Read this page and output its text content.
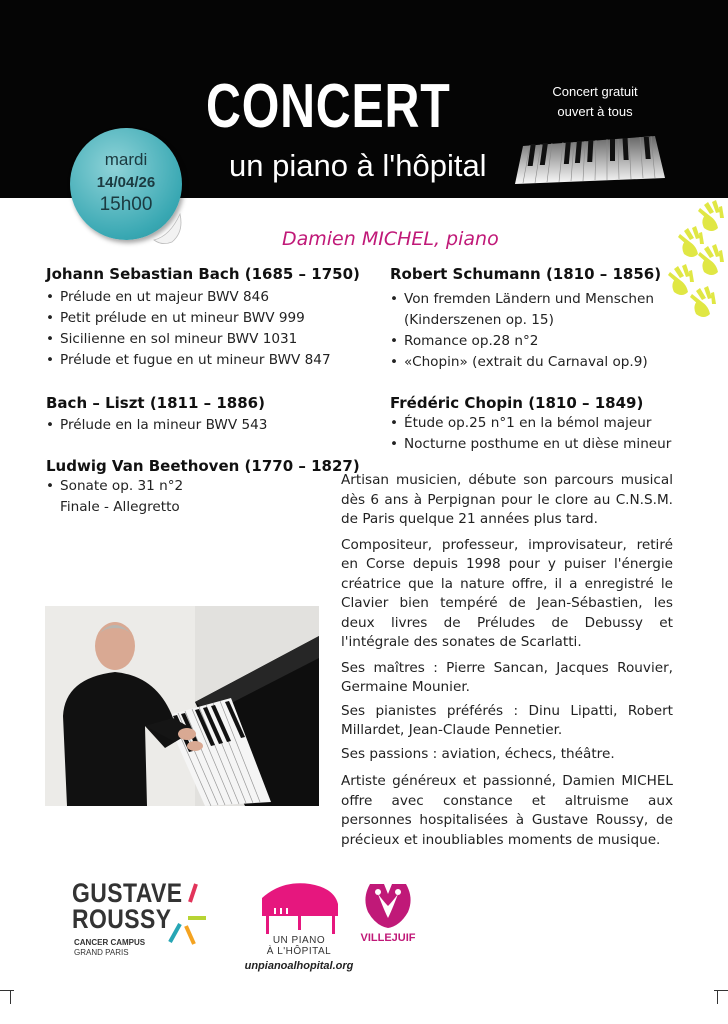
CONCERT
un piano à l'hôpital
Concert gratuit
ouvert à tous
mardi
14/04/26
15h00
Damien MICHEL, piano
Johann Sebastian Bach (1685 – 1750)
• Prélude en ut majeur BWV 846
• Petit prélude en ut mineur BWV 999
• Sicilienne en sol mineur BWV 1031
• Prélude et fugue en ut mineur BWV 847
Bach – Liszt (1811 – 1886)
• Prélude en la mineur BWV 543
Ludwig Van Beethoven (1770 – 1827)
• Sonate op. 31 n°2
Finale - Allegretto
Robert Schumann (1810 – 1856)
• Von fremden Ländern und Menschen
(Kinderszenen op. 15)
• Romance op.28 n°2
• «Chopin» (extrait du Carnaval op.9)
Frédéric Chopin (1810 – 1849)
• Étude op.25 n°1 en la bémol majeur
• Nocturne posthume en ut dièse mineur

Artisan musicien, débute son parcours musical dès 6 ans à Perpignan pour le clore au C.N.S.M. de Paris quelque 21 années plus tard.

Compositeur, professeur, improvisateur, retiré en Corse depuis 1998 pour y puiser l'énergie créatrice que la nature offre, il a enregistré le Clavier bien tempéré de Jean-Sébastien, les deux livres de Préludes de Debussy et l'intégrale des sonates de Scarlatti.

Ses maîtres : Pierre Sancan, Jacques Rouvier, Germaine Mounier.

Ses pianistes préférés : Dinu Lipatti, Robert Millardet, Jean-Claude Pennetier.

Ses passions : aviation, échecs, théâtre.

Artiste généreux et passionné, Damien MICHEL offre avec constance et altruisme aux personnes hospitalisées à Gustave Roussy, de précieux et inoubliables moments de musique.

GUSTAVE
ROUSSY
CANCER CAMPUS
GRAND PARIS
UN PIANO
À L'HÔPITAL
unpianoalhopital.org
VILLEJUIF
